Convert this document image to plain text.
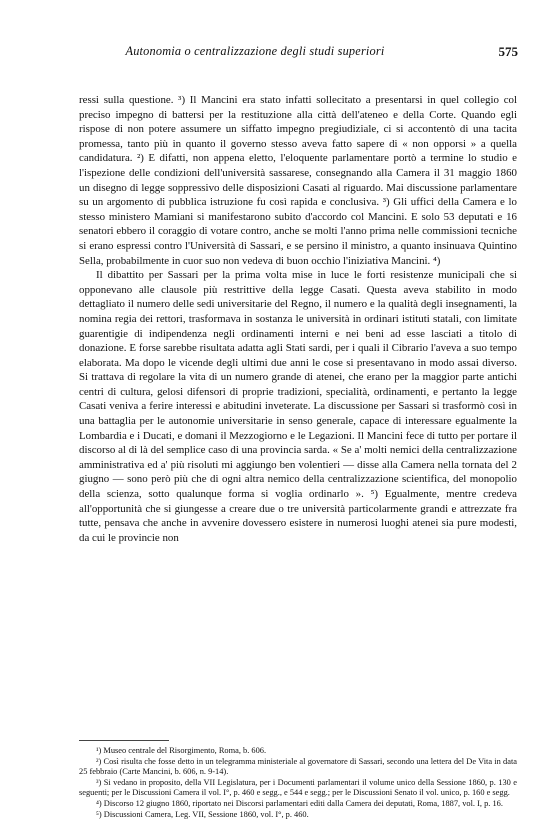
Autonomia o centralizzazione degli studi superiori	575

ressi sulla questione. ³) Il Mancini era stato infatti sollecitato a presentarsi in quel collegio col preciso impegno di battersi per la restituzione alla città dell'ateneo e della Corte. Quando egli rispose di non potere assumere un siffatto impegno pregiudiziale, ci si accontentò di una tacita promessa, tanto più in quanto il governo stesso aveva fatto sapere di « non opporsi » a quella candidatura. ²) E difatti, non appena eletto, l'eloquente parlamentare portò a termine lo studio e l'ispezione delle condizioni dell'università sassarese, consegnando alla Camera il 31 maggio 1860 un disegno di legge soppressivo delle disposizioni Casati al riguardo. Mai discussione parlamentare su un argomento di pubblica istruzione fu così rapida e conclusiva. ³) Gli uffici della Camera e lo stesso ministero Mamiani si manifestarono subito d'accordo col Mancini. E solo 53 deputati e 16 senatori ebbero il coraggio di votare contro, anche se molti l'anno prima nelle commissioni tecniche si erano espressi contro l'Università di Sassari, e se persino il ministro, a quanto insinuava Quintino Sella, probabilmente in cuor suo non vedeva di buon occhio l'iniziativa Mancini. ⁴)

Il dibattito per Sassari per la prima volta mise in luce le forti resistenze municipali che si opponevano alle clausole più restrittive della legge Casati. Questa aveva stabilito in modo dettagliato il numero delle sedi universitarie del Regno, il numero e la qualità degli insegnamenti, la nomina regia dei rettori, trasformava in sostanza le università in ordinari istituti statali, con limitate guarentigie di indipendenza negli ordinamenti interni e nei beni ad esse lasciati a titolo di donazione. E forse sarebbe risultata adatta agli Stati sardi, per i quali il Cibrario l'aveva a suo tempo elaborata. Ma dopo le vicende degli ultimi due anni le cose si presentavano in modo assai diverso. Si trattava di regolare la vita di un numero grande di atenei, che erano per la maggior parte antichi centri di cultura, gelosi difensori di proprie tradizioni, specialità, ordinamenti, e pertanto la legge Casati veniva a ferire interessi e abitudini inveterate. La discussione per Sassari si trasformò così in una battaglia per le autonomie universitarie in senso generale, capace di interessare egualmente la Lombardia e i Ducati, e domani il Mezzogiorno e le Legazioni. Il Mancini fece di tutto per portare il discorso al di là del semplice caso di una provincia sarda. « Se a' molti nemici della centralizzazione amministrativa ed a' più risoluti mi aggiungo ben volentieri — disse alla Camera nella tornata del 2 giugno — sono però più che di ogni altra nemico della centralizzazione scientifica, del monopolio della scienza, sotto qualunque forma si voglia ordinarlo ». ⁵) Egualmente, mentre credeva all'opportunità che si giungesse a creare due o tre università particolarmente grandi e attrezzate fra tutte, pensava che anche in avvenire dovessero esistere in numerosi luoghi atenei sia pure modesti, da cui le provincie non

¹) Museo centrale del Risorgimento, Roma, b. 606.

²) Così risulta che fosse detto in un telegramma ministeriale al governatore di Sassari, secondo una lettera del De Vita in data 25 febbraio (Carte Mancini, b. 606, n. 9-14).

³) Si vedano in proposito, della VII Legislatura, per i Documenti parlamentari il volume unico della Sessione 1860, p. 130 e seguenti; per le Discussioni Camera il vol. I°, p. 460 e segg., e 544 e segg.; per le Discussioni Senato il vol. unico, p. 160 e segg.

⁴) Discorso 12 giugno 1860, riportato nei Discorsi parlamentari editi dalla Camera dei deputati, Roma, 1887, vol. I, p. 16.

⁵) Discussioni Camera, Leg. VII, Sessione 1860, vol. I°, p. 460.
